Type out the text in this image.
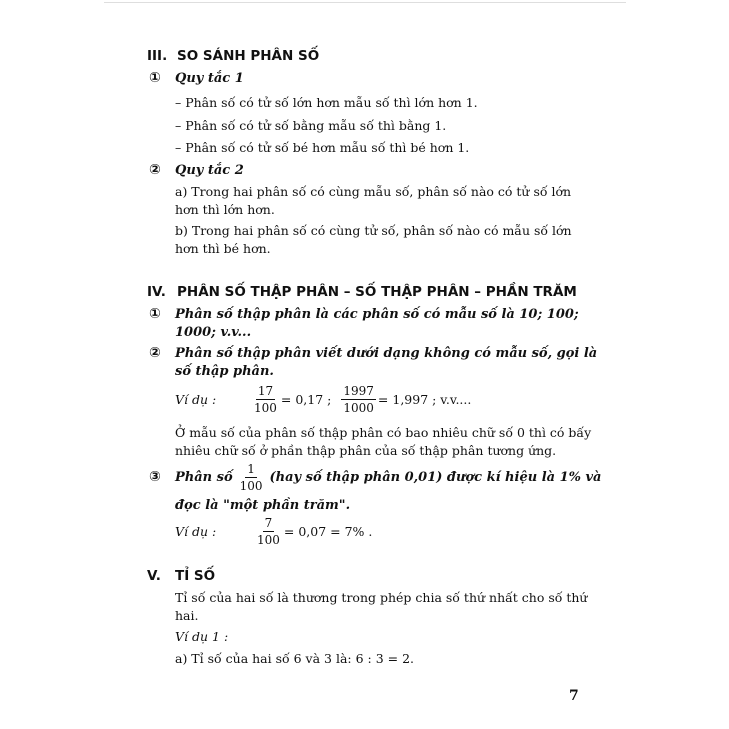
III. SO SÁNH PHÂN SỐ
① Quy tắc 1
– Phân số có tử số lớn hơn mẫu số thì lớn hơn 1.
– Phân số có tử số bằng mẫu số thì bằng 1.
– Phân số có tử số bé hơn mẫu số thì bé hơn 1.
② Quy tắc 2
a) Trong hai phân số có cùng mẫu số, phân số nào có tử số lớn
hơn thì lớn hơn.
b) Trong hai phân số có cùng tử số, phân số nào có mẫu số lớn
hơn thì bé hơn.
IV. PHÂN SỐ THẬP PHÂN – SỐ THẬP PHÂN – PHẦN TRĂM
① Phân số thập phân là các phân số có mẫu số là 10; 100;
1000; v.v...
② Phân số thập phân viết dưới dạng không có mẫu số, gọi là
số thập phân.
Ví dụ :	$\frac{17}{100} = 0,17$ ; $\frac{1997}{1000} = 1,997$ ; v.v....
Ở mẫu số của phân số thập phân có bao nhiêu chữ số 0 thì có bấy
nhiêu chữ số ở phần thập phân của số thập phân tương ứng.
③ Phân số $\frac{1}{100} (hay$ số thập phân 0,01) được kí hiệu là 1% và
đọc là "một phần trăm".
Ví dụ :	$\frac{7}{100} = 0,07 = 7\%$ .
V. TỈ SỐ
Tỉ số của hai số là thương trong phép chia số thứ nhất cho số thứ
hai.
Ví dụ 1 :
a) Tỉ số của hai số 6 và 3 là: 6 : 3 = 2.
7
